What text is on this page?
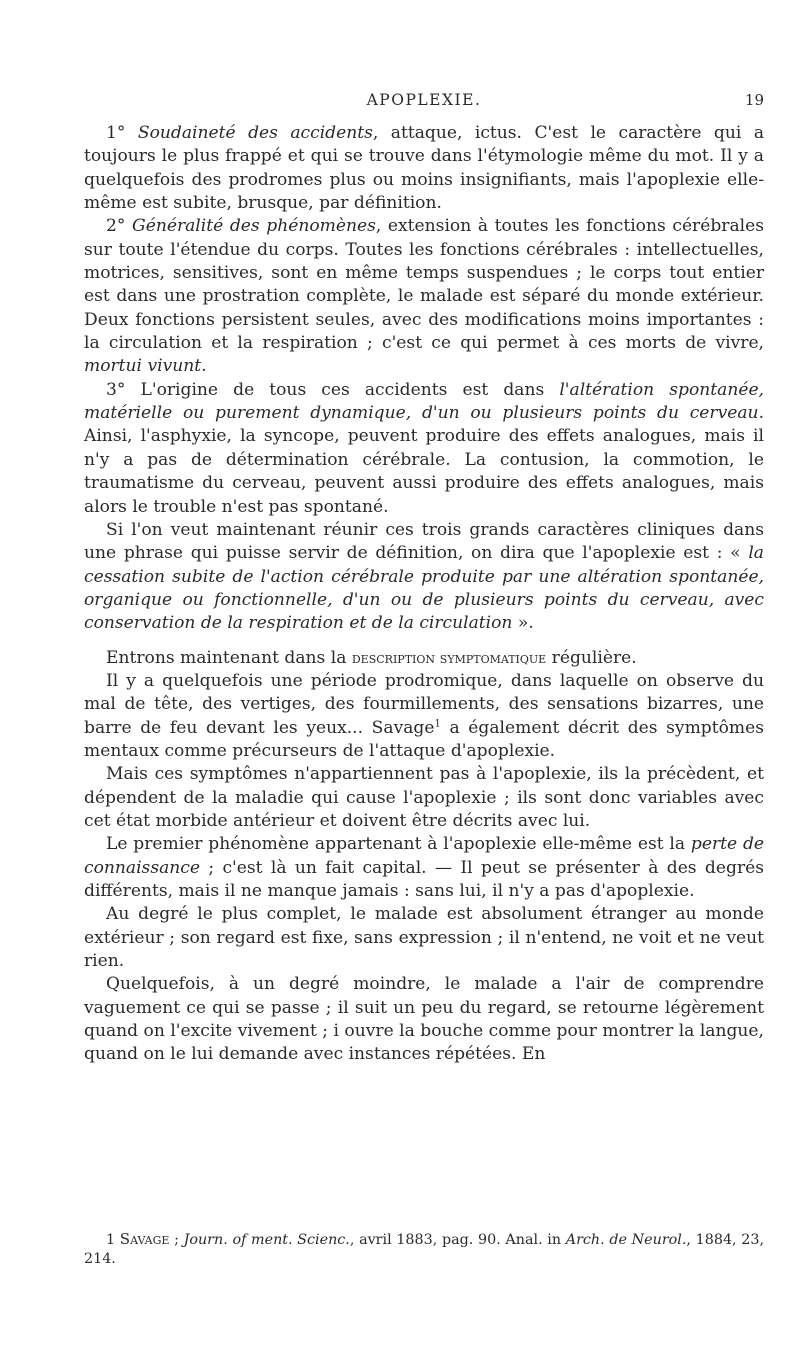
APOPLEXIE.	19

1° Soudaineté des accidents, attaque, ictus. C'est le caractère qui a toujours le plus frappé et qui se trouve dans l'étymologie même du mot. Il y a quelquefois des prodromes plus ou moins insignifiants, mais l'apoplexie elle-même est subite, brusque, par définition.

2° Généralité des phénomènes, extension à toutes les fonctions cérébrales sur toute l'étendue du corps. Toutes les fonctions cérébrales : intellectuelles, motrices, sensitives, sont en même temps suspendues ; le corps tout entier est dans une prostration complète, le malade est séparé du monde extérieur. Deux fonctions persistent seules, avec des modifications moins importantes : la circulation et la respiration ; c'est ce qui permet à ces morts de vivre, mortui vivunt.

3° L'origine de tous ces accidents est dans l'altération spontanée, matérielle ou purement dynamique, d'un ou plusieurs points du cerveau. Ainsi, l'asphyxie, la syncope, peuvent produire des effets analogues, mais il n'y a pas de détermination cérébrale. La contusion, la commotion, le traumatisme du cerveau, peuvent aussi produire des effets analogues, mais alors le trouble n'est pas spontané.

Si l'on veut maintenant réunir ces trois grands caractères cliniques dans une phrase qui puisse servir de définition, on dira que l'apoplexie est : « la cessation subite de l'action cérébrale produite par une altération spontanée, organique ou fonctionnelle, d'un ou de plusieurs points du cerveau, avec conservation de la respiration et de la circulation ».

Entrons maintenant dans la description symptomatique régulière.

Il y a quelquefois une période prodromique, dans laquelle on observe du mal de tête, des vertiges, des fourmillements, des sensations bizarres, une barre de feu devant les yeux... Savage$^1$ a également décrit des symptômes mentaux comme précurseurs de l'attaque d'apoplexie.

Mais ces symptômes n'appartiennent pas à l'apoplexie, ils la précèdent, et dépendent de la maladie qui cause l'apoplexie ; ils sont donc variables avec cet état morbide antérieur et doivent être décrits avec lui.

Le premier phénomène appartenant à l'apoplexie elle-même est la perte de connaissance ; c'est là un fait capital. — Il peut se présenter à des degrés différents, mais il ne manque jamais : sans lui, il n'y a pas d'apoplexie.

Au degré le plus complet, le malade est absolument étranger au monde extérieur ; son regard est fixe, sans expression ; il n'entend, ne voit et ne veut rien.

Quelquefois, à un degré moindre, le malade a l'air de comprendre vaguement ce qui se passe ; il suit un peu du regard, se retourne légèrement quand on l'excite vivement ; i ouvre la bouche comme pour montrer la langue, quand on le lui demande avec instances répétées. En

1 Savage ; Journ. of ment. Scienc., avril 1883, pag. 90. Anal. in Arch. de Neurol., 1884, 23, 214.
